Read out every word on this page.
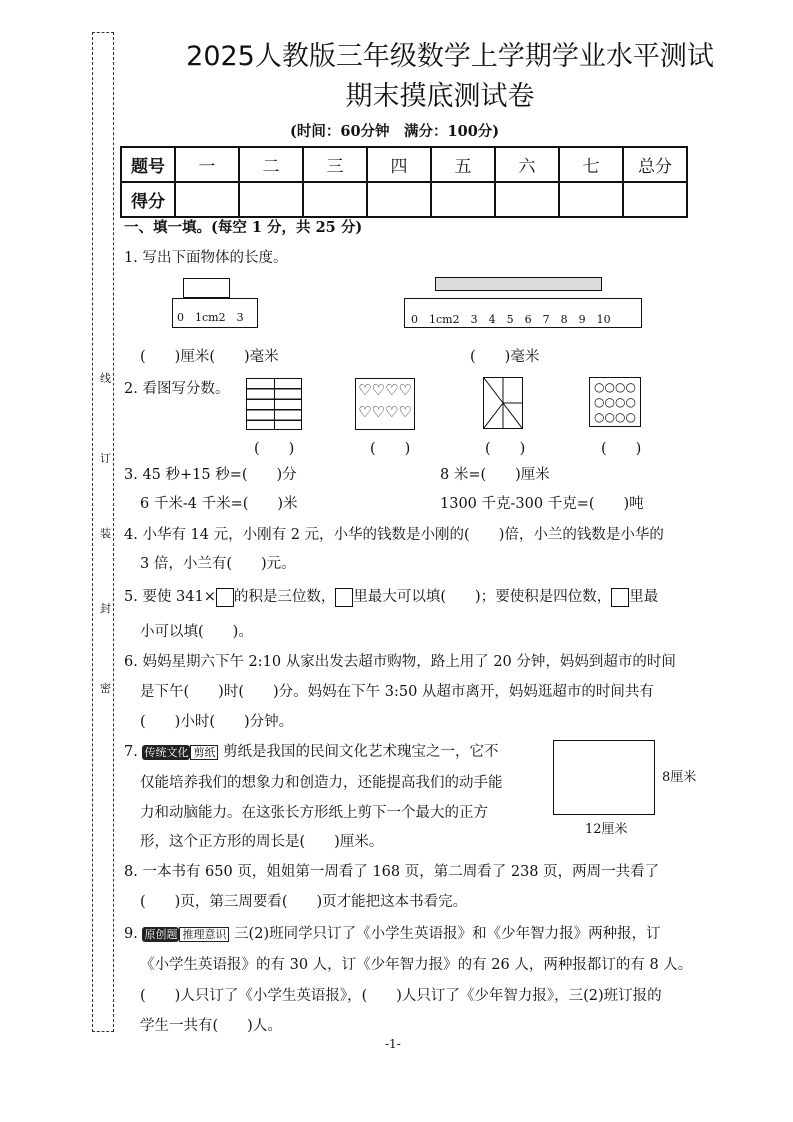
线
订
装
封
密
2025人教版三年级数学上学期学业水平测试
期末摸底测试卷
(时间：60分钟　满分：100分)
题号	一	二	三	四	五	六	七	总分
得分								
一、填一填。(每空 1 分，共 25 分)
1. 写出下面物体的长度。
0　1cm2　3	0　1cm2　3　4　5　6　7　8　9　10
(　　)厘米(　　)毫米	(　　)毫米
2. 看图写分数。	♡♡♡♡
♡♡♡♡
○○○○
○○○○
○○○○
(　　)	(　　)	(　　)	(　　)
3. 45 秒+15 秒=(　　)分	8 米=(　　)厘米
6 千米-4 千米=(　　)米	1300 千克-300 千克=(　　)吨
4. 小华有 14 元，小刚有 2 元，小华的钱数是小刚的(　　)倍，小兰的钱数是小华的
3 倍，小兰有(　　)元。
5. 要使 341× 的积是三位数， 里最大可以填(　　)；要使积是四位数， 里最
小可以填(　　)。
6. 妈妈星期六下午 2:10 从家出发去超市购物，路上用了 20 分钟，妈妈到超市的时间
是下午(　　)时(　　)分。妈妈在下午 3:50 从超市离开，妈妈逛超市的时间共有
(　　)小时(　　)分钟。
7. 传统文化 剪纸 剪纸是我国的民间文化艺术瑰宝之一，它不
仅能培养我们的想象力和创造力，还能提高我们的动手能
力和动脑能力。在这张长方形纸上剪下一个最大的正方
形，这个正方形的周长是(　　)厘米。
8厘米
12厘米
8. 一本书有 650 页，姐姐第一周看了 168 页，第二周看了 238 页，两周一共看了
(　　)页，第三周要看(　　)页才能把这本书看完。
9. 原创题 推理意识 三(2)班同学只订了《小学生英语报》和《少年智力报》两种报，订
《小学生英语报》的有 30 人，订《少年智力报》的有 26 人，两种报都订的有 8 人。
(　　)人只订了《小学生英语报》，(　　)人只订了《少年智力报》，三(2)班订报的
学生一共有(　　)人。
-1-
